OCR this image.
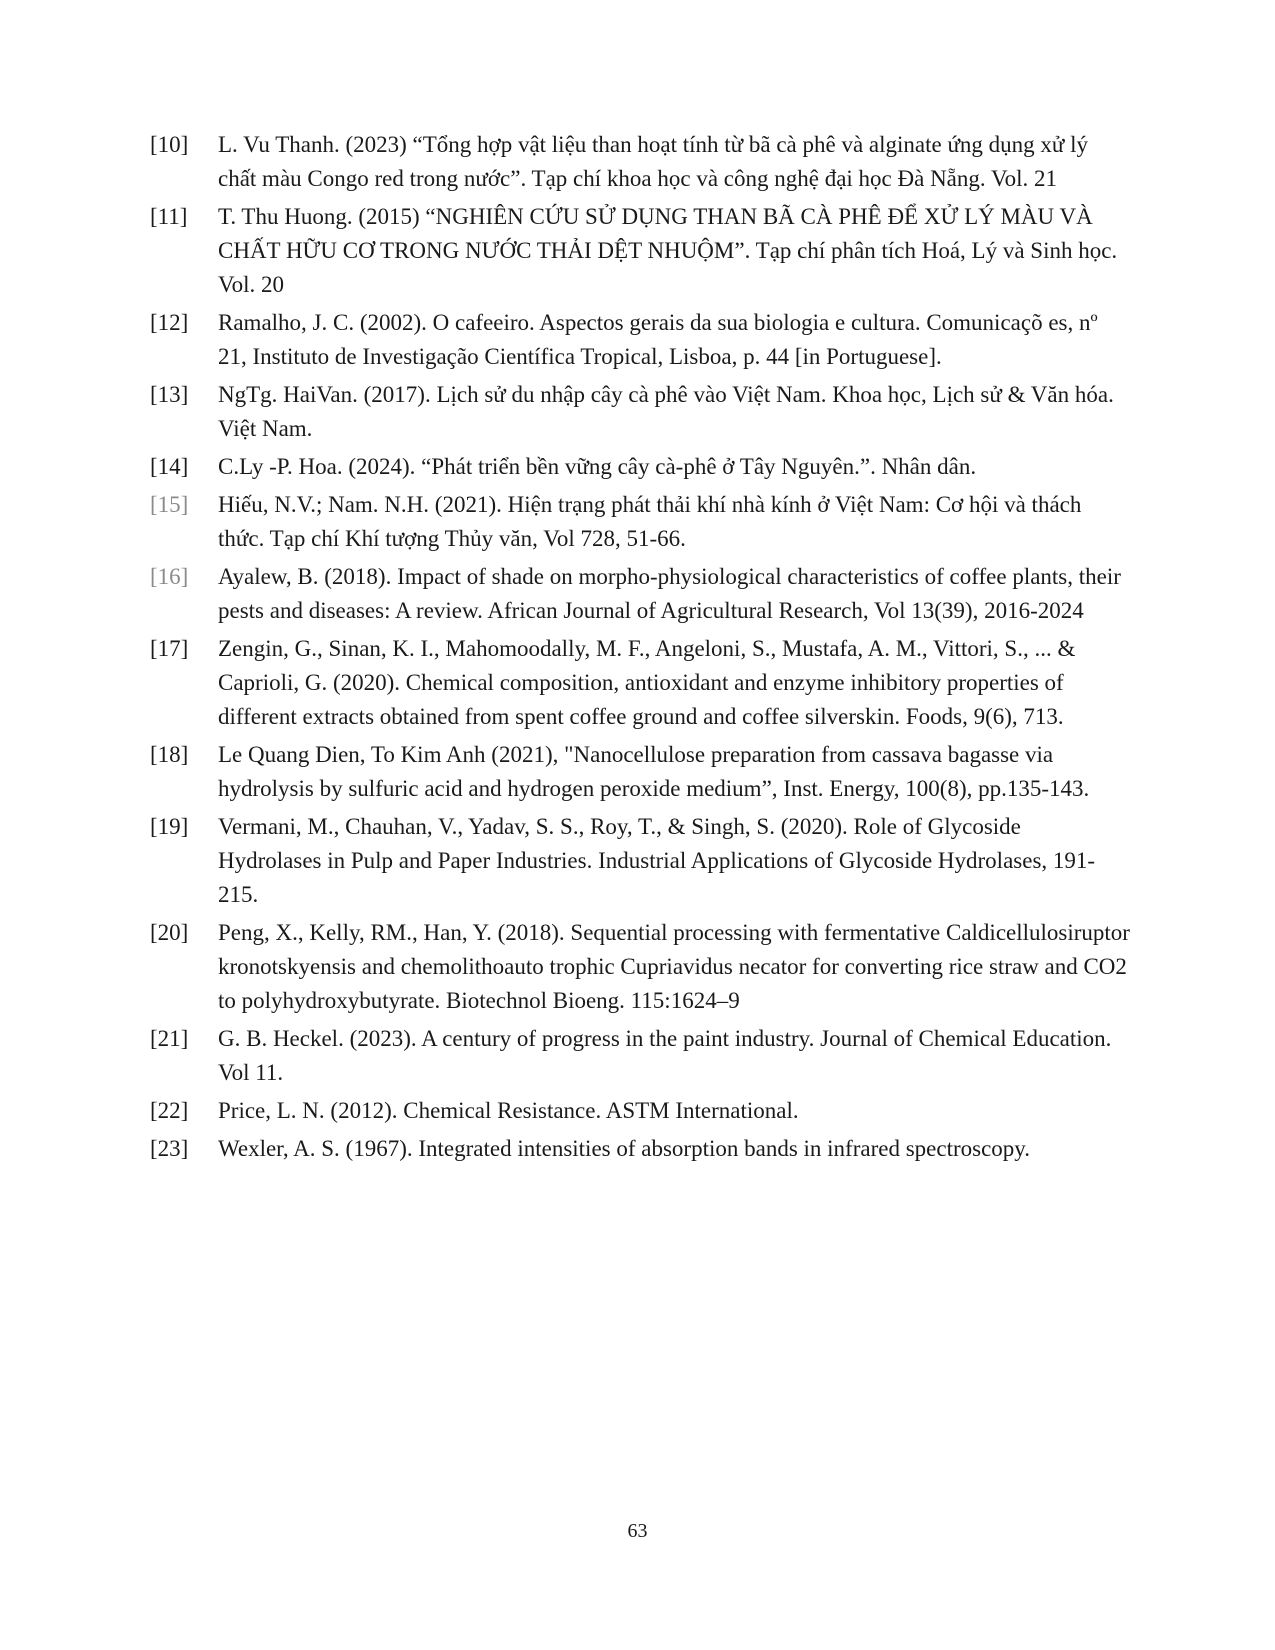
[10]	L. Vu Thanh. (2023) “Tổng hợp vật liệu than hoạt tính từ bã cà phê và alginate ứng dụng xử lý chất màu Congo red trong nước”. Tạp chí khoa học và công nghệ đại học Đà Nẵng. Vol. 21
[11]	T. Thu Huong. (2015) “NGHIÊN CỨU SỬ DỤNG THAN BÃ CÀ PHÊ ĐỂ XỬ LÝ MÀU VÀ CHẤT HỮU CƠ TRONG NƯỚC THẢI DỆT NHUỘM”. Tạp chí phân tích Hoá, Lý và Sinh học. Vol. 20
[12]	Ramalho, J. C. (2002). O cafeeiro. Aspectos gerais da sua biologia e cultura. Comunicaçõ es, nº 21, Instituto de Investigação Científica Tropical, Lisboa, p. 44 [in Portuguese].
[13]	NgTg. HaiVan. (2017). Lịch sử du nhập cây cà phê vào Việt Nam. Khoa học, Lịch sử & Văn hóa. Việt Nam.
[14]	C.Ly -P. Hoa. (2024). “Phát triển bền vững cây cà-phê ở Tây Nguyên.”. Nhân dân.
[15]	Hiếu, N.V.; Nam. N.H. (2021). Hiện trạng phát thải khí nhà kính ở Việt Nam: Cơ hội và thách thức. Tạp chí Khí tượng Thủy văn, Vol 728, 51-66.
[16]	Ayalew, B. (2018). Impact of shade on morpho-physiological characteristics of coffee plants, their pests and diseases: A review. African Journal of Agricultural Research, Vol 13(39), 2016-2024
[17]	Zengin, G., Sinan, K. I., Mahomoodally, M. F., Angeloni, S., Mustafa, A. M., Vittori, S., ... & Caprioli, G. (2020). Chemical composition, antioxidant and enzyme inhibitory properties of different extracts obtained from spent coffee ground and coffee silverskin. Foods, 9(6), 713.
[18]	Le Quang Dien, To Kim Anh (2021), "Nanocellulose preparation from cassava bagasse via hydrolysis by sulfuric acid and hydrogen peroxide medium”, Inst. Energy, 100(8), pp.135-143.
[19]	Vermani, M., Chauhan, V., Yadav, S. S., Roy, T., & Singh, S. (2020). Role of Glycoside Hydrolases in Pulp and Paper Industries. Industrial Applications of Glycoside Hydrolases, 191-215.
[20]	Peng, X., Kelly, RM., Han, Y. (2018). Sequential processing with fermentative Caldicellulosiruptor kronotskyensis and chemolithoauto trophic Cupriavidus necator for converting rice straw and CO2 to polyhydroxybutyrate. Biotechnol Bioeng. 115:1624–9
[21]	G. B. Heckel. (2023). A century of progress in the paint industry. Journal of Chemical Education. Vol 11.
[22]	Price, L. N. (2012). Chemical Resistance. ASTM International.
[23]	Wexler, A. S. (1967). Integrated intensities of absorption bands in infrared spectroscopy.
63
